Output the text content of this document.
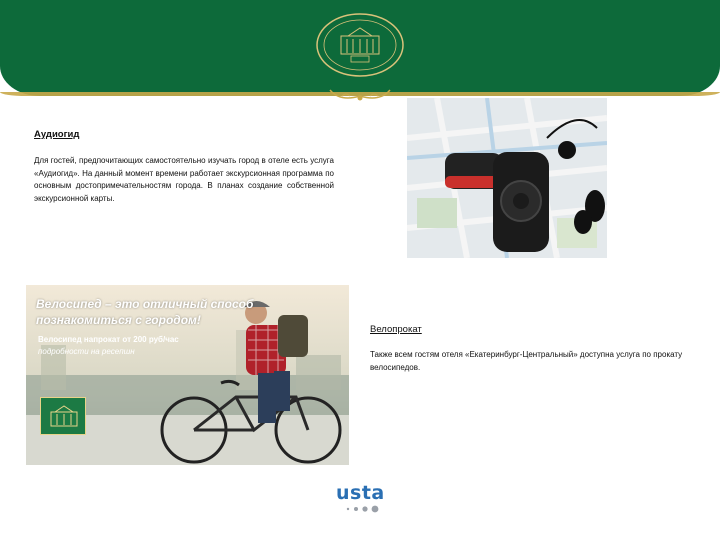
Аудиогид
Для гостей, предпочитающих самостоятельно изучать город в отеле есть услуга «Аудиогид». На данный момент времени работает экскурсионная программа по основным достопримечательностям города. В планах создание собственной экскурсионной карты.
Велосипед – это отличный способ
познакомиться с городом!
Велосипед напрокат от 200 руб/час
подробности на ресепшн
Велопрокат
Также всем гостям отеля «Екатеринбург-Центральный» доступна услуга по прокату велосипедов.
usta
